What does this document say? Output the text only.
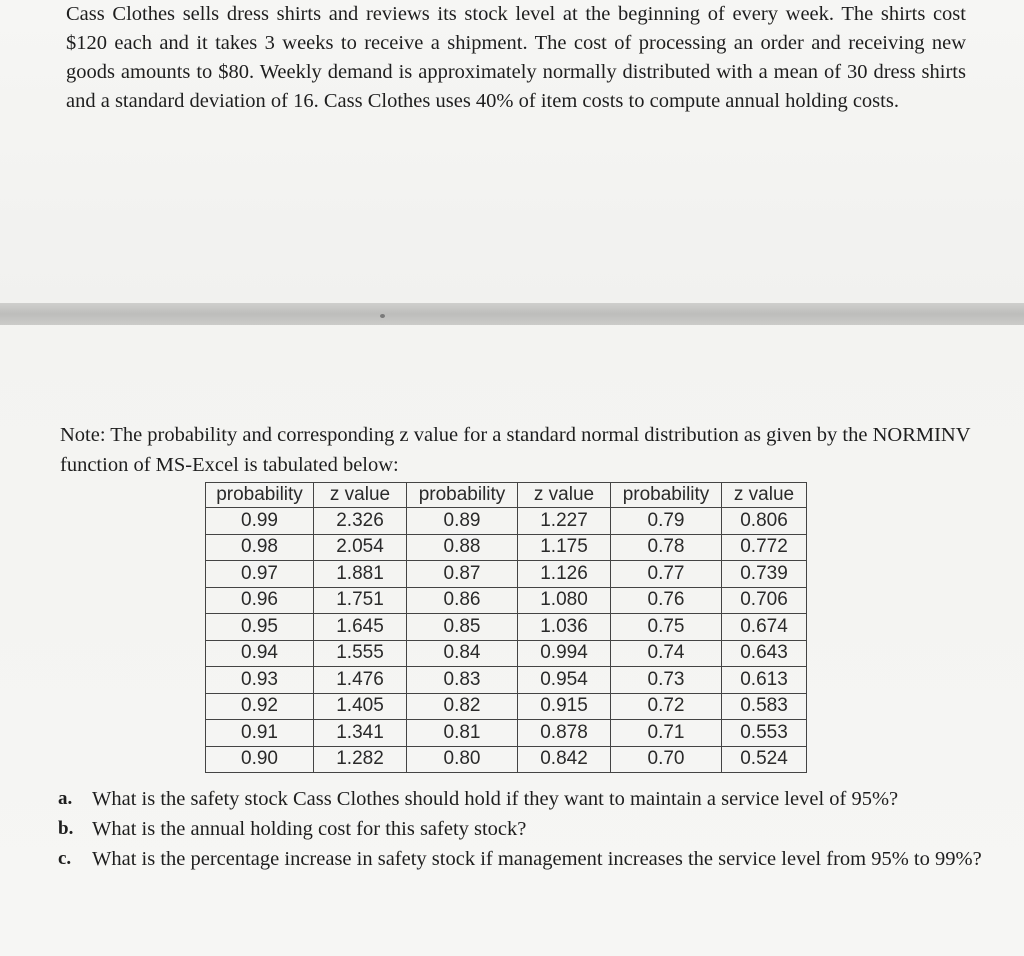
Cass Clothes sells dress shirts and reviews its stock level at the beginning of every week. The shirts cost $120 each and it takes 3 weeks to receive a shipment. The cost of processing an order and receiving new goods amounts to $80. Weekly demand is approximately normally distributed with a mean of 30 dress shirts and a standard deviation of 16. Cass Clothes uses 40% of item costs to compute annual holding costs.
Note: The probability and corresponding z value for a standard normal distribution as given by the NORMINV function of MS-Excel is tabulated below:
probability	z value	probability	z value	probability	z value
0.99	2.326	0.89	1.227	0.79	0.806
0.98	2.054	0.88	1.175	0.78	0.772
0.97	1.881	0.87	1.126	0.77	0.739
0.96	1.751	0.86	1.080	0.76	0.706
0.95	1.645	0.85	1.036	0.75	0.674
0.94	1.555	0.84	0.994	0.74	0.643
0.93	1.476	0.83	0.954	0.73	0.613
0.92	1.405	0.82	0.915	0.72	0.583
0.91	1.341	0.81	0.878	0.71	0.553
0.90	1.282	0.80	0.842	0.70	0.524
a. What is the safety stock Cass Clothes should hold if they want to maintain a service level of 95%?
b. What is the annual holding cost for this safety stock?
c.	What is the percentage increase in safety stock if management increases the service level from 95% to 99%?
